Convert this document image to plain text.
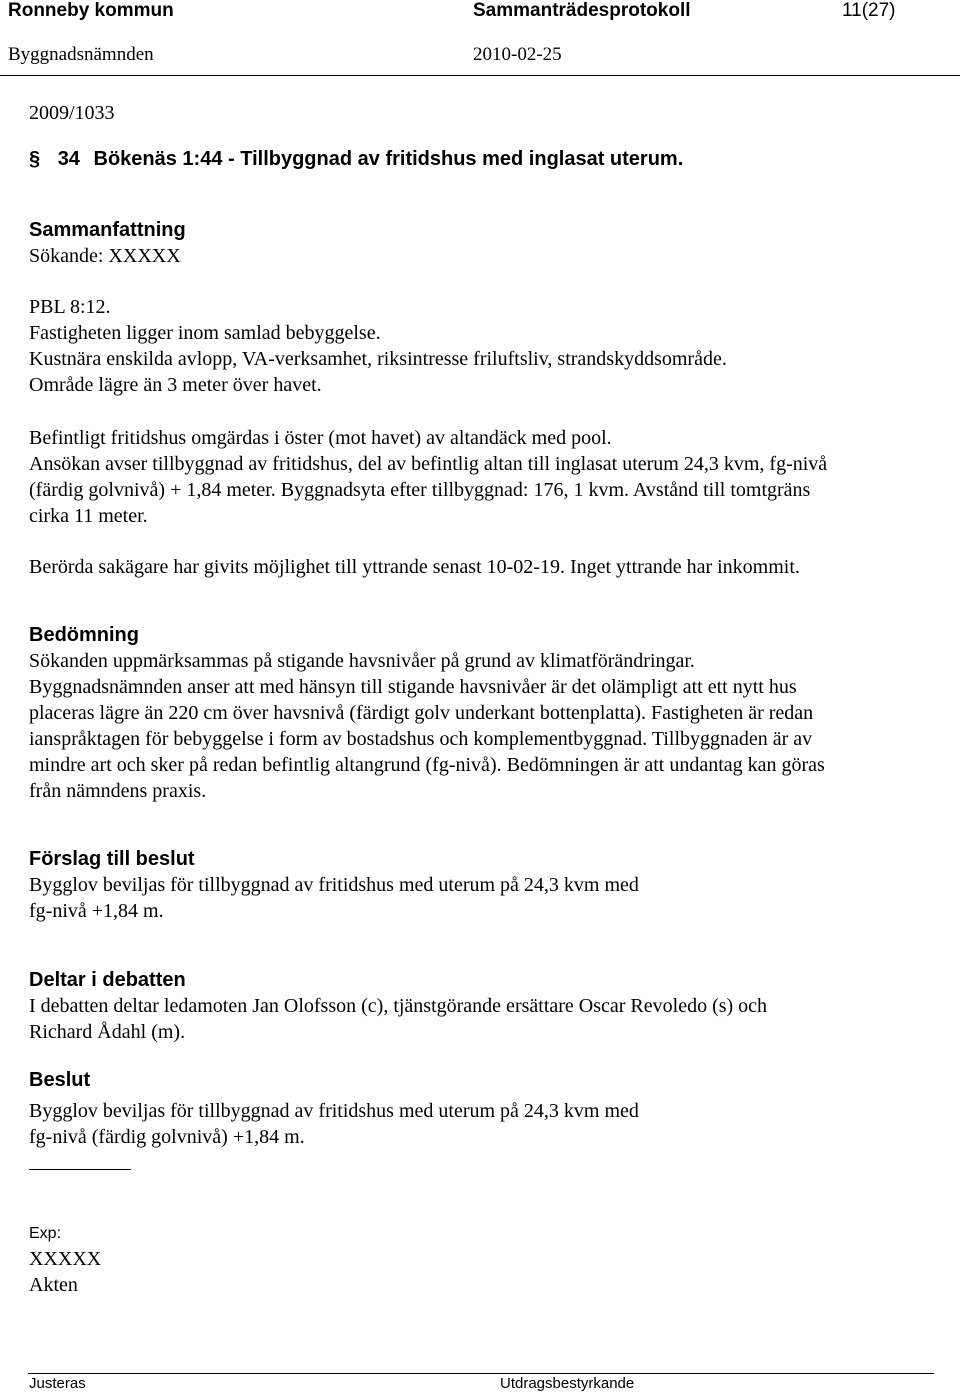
Ronneby kommun	Sammanträdesprotokoll	11(27)
Byggnadsnämnden	2010-02-25
2009/1033
§ 34 Bökenäs 1:44 - Tillbyggnad av fritidshus med inglasat uterum.
Sammanfattning
Sökande: XXXXX

PBL 8:12.

Fastigheten ligger inom samlad bebyggelse.

Kustnära enskilda avlopp, VA-verksamhet, riksintresse friluftsliv, strandskyddsområde.

Område lägre än 3 meter över havet.

Befintligt fritidshus omgärdas i öster (mot havet) av altandäck med pool.

Ansökan avser tillbyggnad av fritidshus, del av befintlig altan till inglasat uterum 24,3 kvm, fg-nivå

(färdig golvnivå) + 1,84 meter. Byggnadsyta efter tillbyggnad: 176, 1 kvm. Avstånd till tomtgräns

cirka 11 meter.

Berörda sakägare har givits möjlighet till yttrande senast 10-02-19. Inget yttrande har inkommit.
Bedömning

Sökanden uppmärksammas på stigande havsnivåer på grund av klimatförändringar.

Byggnadsnämnden anser att med hänsyn till stigande havsnivåer är det olämpligt att ett nytt hus

placeras lägre än 220 cm över havsnivå (färdigt golv underkant bottenplatta). Fastigheten är redan

ianspråktagen för bebyggelse i form av bostadshus och komplementbyggnad. Tillbyggnaden är av

mindre art och sker på redan befintlig altangrund (fg-nivå). Bedömningen är att undantag kan göras

från nämndens praxis.

Förslag till beslut

Bygglov beviljas för tillbyggnad av fritidshus med uterum på 24,3 kvm med

fg-nivå +1,84 m.

Deltar i debatten

I debatten deltar ledamoten Jan Olofsson (c), tjänstgörande ersättare Oscar Revoledo (s) och

Richard Ådahl (m).

Beslut

Bygglov beviljas för tillbyggnad av fritidshus med uterum på 24,3 kvm med

fg-nivå (färdig golvnivå) +1,84 m.

Exp:

XXXXX

Akten

Justeras	Utdragsbestyrkande
